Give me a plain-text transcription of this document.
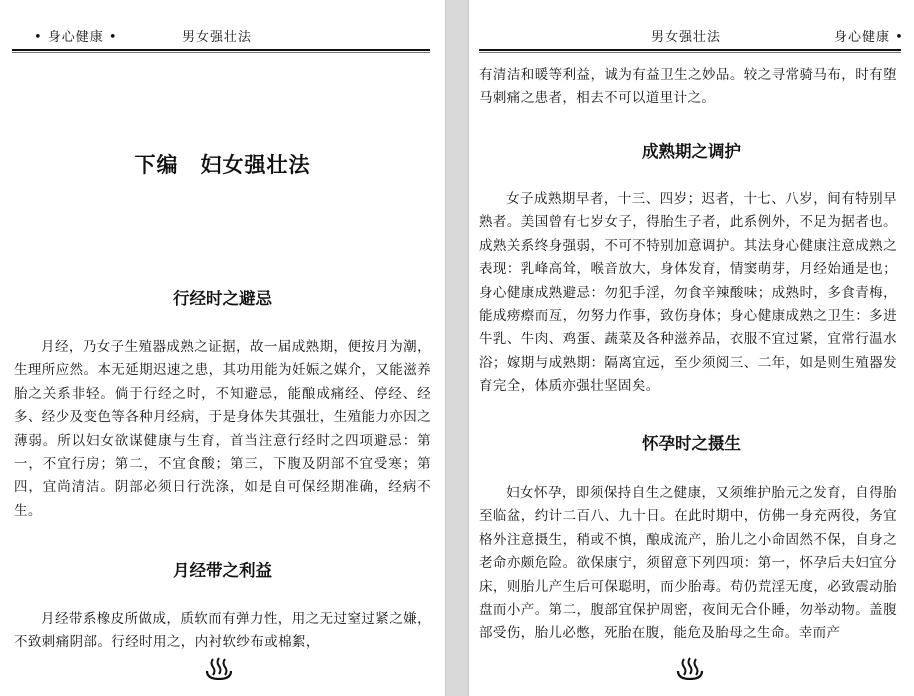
• 身心健康 •	男女强壮法
下编　妇女强壮法
行经时之避忌
月经，乃女子生殖器成熟之证据，故一届成熟期，便按月为潮，生理所应然。本无延期迟速之患，其功用能为妊娠之媒介，又能滋养胎之关系非轻。倘于行经之时，不知避忌，能酿成痛经、停经、经多、经少及变色等各种月经病，于是身体失其强壮，生殖能力亦因之薄弱。所以妇女欲谋健康与生育，首当注意行经时之四项避忌：第一，不宜行房；第二，不宜食酸；第三，下腹及阴部不宜受寒；第四，宜尚清洁。阴部必须日行洗涤，如是自可保经期准确，经病不生。
月经带之利益
月经带系橡皮所做成，质软而有弹力性，用之无过窒过紧之嫌，不致刺痛阴部。行经时用之，内衬软纱布或棉絮，
男女强壮法	身心健康 •
有清洁和暖等利益，诚为有益卫生之妙品。较之寻常骑马布，时有堕马刺痛之患者，相去不可以道里计之。
成熟期之调护
女子成熟期早者，十三、四岁；迟者，十七、八岁，间有特别早熟者。美国曾有七岁女子，得胎生子者，此系例外，不足为据者也。成熟关系终身强弱，不可不特别加意调护。其法身心健康注意成熟之表现：乳峰高耸，喉音放大，身体发育，情窦萌芽，月经始通是也；身心健康成熟避忌：勿犯手淫，勿食辛辣酸味；成熟时，多食青梅，能成痨瘵而亙，勿努力作事，致伤身体；身心健康成熟之卫生：多进牛乳、牛肉、鸡蛋、蔬菜及各种滋养品，衣服不宜过紧，宜常行温水浴；嫁期与成熟期：隔离宜远，至少须阅三、二年，如是则生殖器发育完全，体质亦强壮坚固矣。
怀孕时之摄生
妇女怀孕，即须保持自生之健康，又须维护胎元之发育，自得胎至临盆，约计二百八、九十日。在此时期中，仿佛一身充两役，务宜格外注意摄生，稍或不慎，酿成流产，胎儿之小命固然不保，自身之老命亦颇危险。欲保康宁，须留意下列四项：第一，怀孕后夫妇宜分床，则胎儿产生后可保聪明，而少胎毒。苟仍荒淫无度，必致震动胎盘而小产。第二，腹部宜保护周密，夜间无合仆睡，勿举动物。盖腹部受伤，胎儿必憋，死胎在腹，能危及胎母之生命。幸而产
